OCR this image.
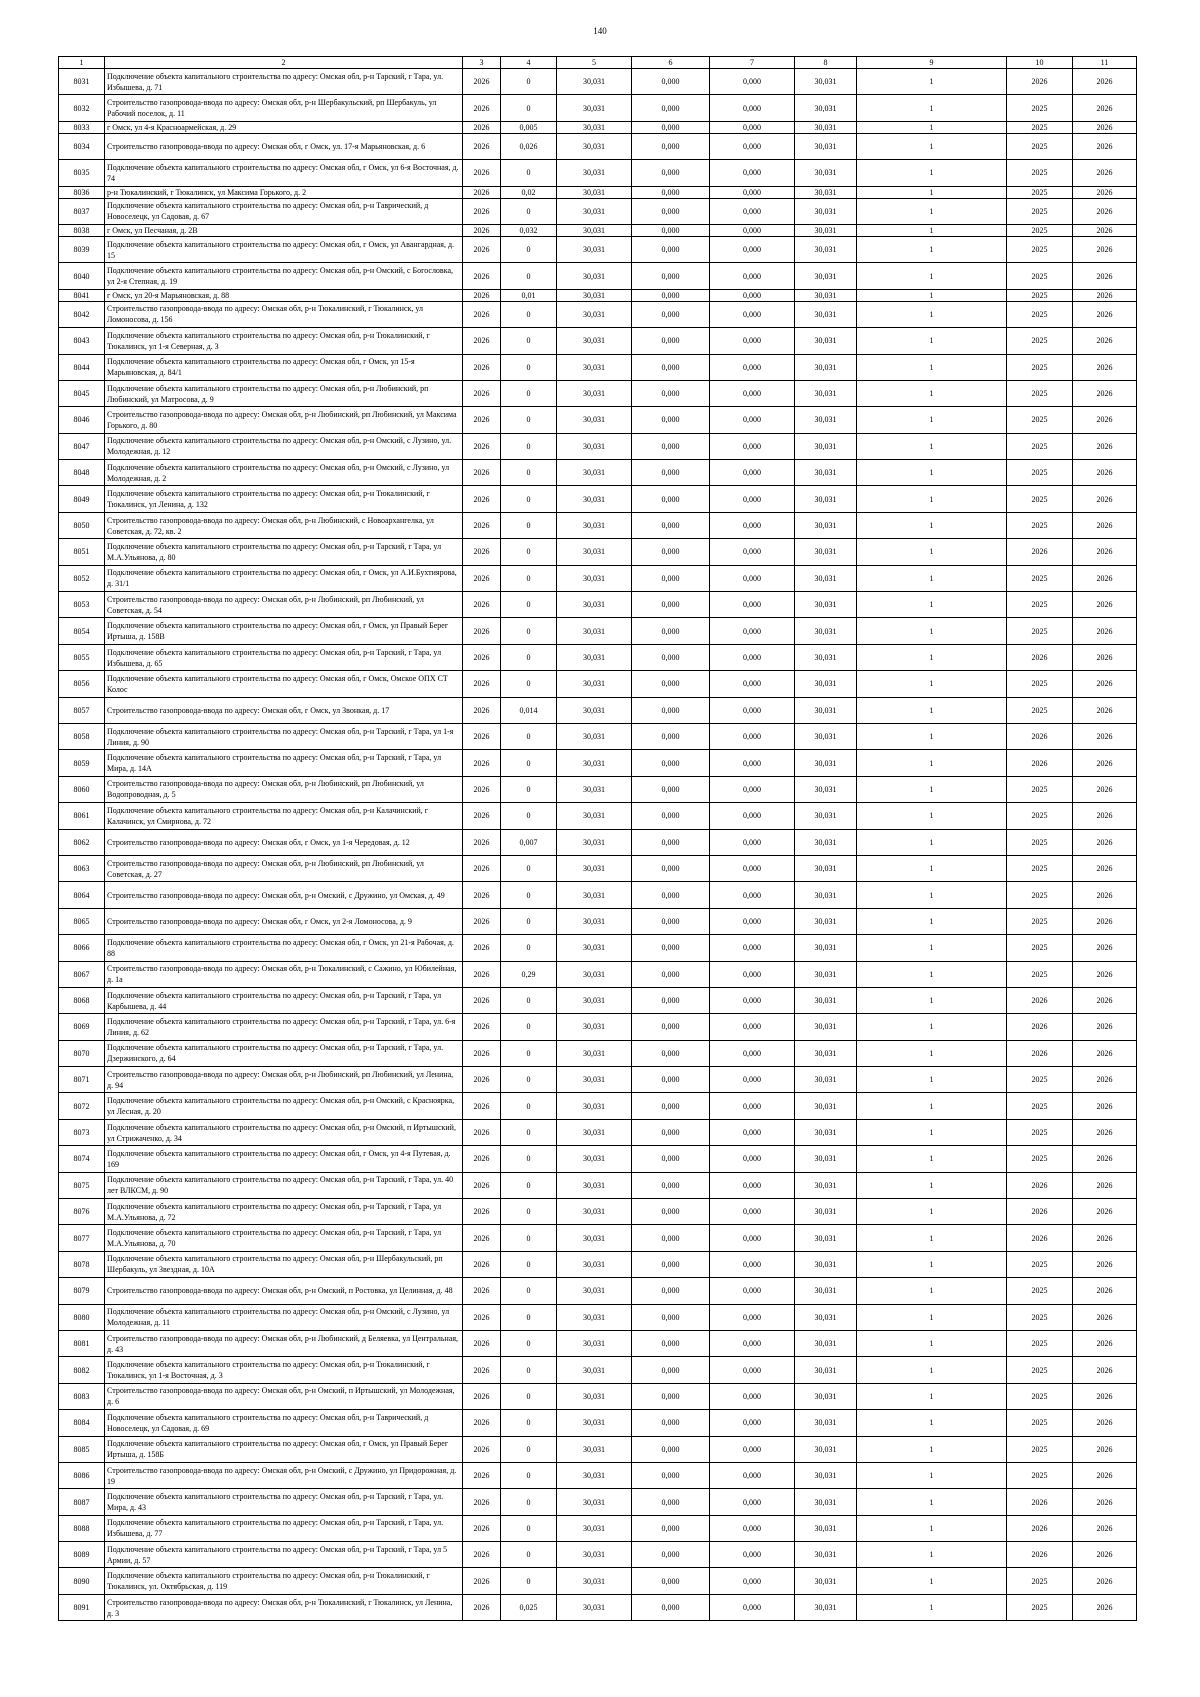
140
1	2	3	4	5	6	7	8	9	10	11
8031	Подключение объекта капитального строительства по адресу: Омская обл, р-н Тарский, г Тара, ул. Избышева, д. 71	2026	0	30,031	0,000	0,000	30,031	1	2026	2026
8032	Строительство газопровода-ввода по адресу: Омская обл, р-н Шербакульский, рп Шербакуль, ул Рабочий поселок, д. 11	2026	0	30,031	0,000	0,000	30,031	1	2025	2026
8033	г Омск, ул 4-я Красноармейская, д. 29	2026	0,005	30,031	0,000	0,000	30,031	1	2025	2026
8034	Строительство газопровода-ввода по адресу: Омская обл, г Омск, ул. 17-я Марьяновская, д. 6	2026	0,026	30,031	0,000	0,000	30,031	1	2025	2026
8035	Подключение объекта капитального строительства по адресу: Омская обл, г Омск, ул 6-я Восточная, д. 74	2026	0	30,031	0,000	0,000	30,031	1	2025	2026
8036	р-н Тюкалинский, г Тюкалинск, ул Максима Горького, д. 2	2026	0,02	30,031	0,000	0,000	30,031	1	2025	2026
8037	Подключение объекта капитального строительства по адресу: Омская обл, р-н Таврический, д Новоселецк, ул Садовая, д. 67	2026	0	30,031	0,000	0,000	30,031	1	2025	2026
8038	г Омск, ул Песчаная, д. 2В	2026	0,032	30,031	0,000	0,000	30,031	1	2025	2026
8039	Подключение объекта капитального строительства по адресу: Омская обл, г Омск, ул Авангардная, д. 15	2026	0	30,031	0,000	0,000	30,031	1	2025	2026
8040	Подключение объекта капитального строительства по адресу: Омская обл, р-н Омский, с Богословка, ул 2-я Степная, д. 19	2026	0	30,031	0,000	0,000	30,031	1	2025	2026
8041	г Омск, ул 20-я Марьяновская, д. 88	2026	0,01	30,031	0,000	0,000	30,031	1	2025	2026
8042	Строительство газопровода-ввода по адресу: Омская обл, р-н Тюкалинский, г Тюкалинск, ул Ломоносова, д. 156	2026	0	30,031	0,000	0,000	30,031	1	2025	2026
8043	Подключение объекта капитального строительства по адресу: Омская обл, р-н Тюкалинский, г Тюкалинск, ул 1-я Северная, д. 3	2026	0	30,031	0,000	0,000	30,031	1	2025	2026
8044	Подключение объекта капитального строительства по адресу: Омская обл, г Омск, ул 15-я Марьяновская, д. 84/1	2026	0	30,031	0,000	0,000	30,031	1	2025	2026
8045	Подключение объекта капитального строительства по адресу: Омская обл, р-н Любинский, рп Любинский, ул Матросова, д. 9	2026	0	30,031	0,000	0,000	30,031	1	2025	2026
8046	Строительство газопровода-ввода по адресу: Омская обл, р-н Любинский, рп Любинский, ул Максима Горького, д. 80	2026	0	30,031	0,000	0,000	30,031	1	2025	2026
8047	Подключение объекта капитального строительства по адресу: Омская обл, р-н Омский, с Лузино, ул. Молодежная, д. 12	2026	0	30,031	0,000	0,000	30,031	1	2025	2026
8048	Подключение объекта капитального строительства по адресу: Омская обл, р-н Омский, с Лузино, ул Молодежная, д. 2	2026	0	30,031	0,000	0,000	30,031	1	2025	2026
8049	Подключение объекта капитального строительства по адресу: Омская обл, р-н Тюкалинский, г Тюкалинск, ул Ленина, д. 132	2026	0	30,031	0,000	0,000	30,031	1	2025	2026
8050	Строительство газопровода-ввода по адресу: Омская обл, р-н Любинский, с Новоархангелка, ул Советская, д. 72, кв. 2	2026	0	30,031	0,000	0,000	30,031	1	2025	2026
8051	Подключение объекта капитального строительства по адресу: Омская обл, р-н Тарский, г Тара, ул М.А.Ульянова, д. 80	2026	0	30,031	0,000	0,000	30,031	1	2026	2026
8052	Подключение объекта капитального строительства по адресу: Омская обл, г Омск, ул А.И.Бухтиярова, д. 31/1	2026	0	30,031	0,000	0,000	30,031	1	2025	2026
8053	Строительство газопровода-ввода по адресу: Омская обл, р-н Любинский, рп Любинский, ул Советская, д. 54	2026	0	30,031	0,000	0,000	30,031	1	2025	2026
8054	Подключение объекта капитального строительства по адресу: Омская обл, г Омск, ул Правый Берег Иртыша, д. 158В	2026	0	30,031	0,000	0,000	30,031	1	2025	2026
8055	Подключение объекта капитального строительства по адресу: Омская обл, р-н Тарский, г Тара, ул Избышева, д. 65	2026	0	30,031	0,000	0,000	30,031	1	2026	2026
8056	Подключение объекта капитального строительства по адресу: Омская обл, г Омск, Омское ОПХ СТ Колос	2026	0	30,031	0,000	0,000	30,031	1	2025	2026
8057	Строительство газопровода-ввода по адресу: Омская обл, г Омск, ул Звонкая, д. 17	2026	0,014	30,031	0,000	0,000	30,031	1	2025	2026
8058	Подключение объекта капитального строительства по адресу: Омская обл, р-н Тарский, г Тара, ул 1-я Линия, д. 90	2026	0	30,031	0,000	0,000	30,031	1	2026	2026
8059	Подключение объекта капитального строительства по адресу: Омская обл, р-н Тарский, г Тара, ул Мира, д. 14А	2026	0	30,031	0,000	0,000	30,031	1	2026	2026
8060	Строительство газопровода-ввода по адресу: Омская обл, р-н Любинский, рп Любинский, ул Водопроводная, д. 5	2026	0	30,031	0,000	0,000	30,031	1	2025	2026
8061	Подключение объекта капитального строительства по адресу: Омская обл, р-н Калачинский, г Калачинск, ул Смирнова, д. 72	2026	0	30,031	0,000	0,000	30,031	1	2025	2026
8062	Строительство газопровода-ввода по адресу: Омская обл, г Омск, ул 1-я Чередовая, д. 12	2026	0,007	30,031	0,000	0,000	30,031	1	2025	2026
8063	Строительство газопровода-ввода по адресу: Омская обл, р-н Любинский, рп Любинский, ул Советская, д. 27	2026	0	30,031	0,000	0,000	30,031	1	2025	2026
8064	Строительство газопровода-ввода по адресу: Омская обл, р-н Омский, с Дружино, ул Омская, д. 49	2026	0	30,031	0,000	0,000	30,031	1	2025	2026
8065	Строительство газопровода-ввода по адресу: Омская обл, г Омск, ул 2-я Ломоносова, д. 9	2026	0	30,031	0,000	0,000	30,031	1	2025	2026
8066	Подключение объекта капитального строительства по адресу: Омская обл, г Омск, ул 21-я Рабочая, д. 88	2026	0	30,031	0,000	0,000	30,031	1	2025	2026
8067	Строительство газопровода-ввода по адресу: Омская обл, р-н Тюкалинский, с Сажино, ул Юбилейная, д. 1а	2026	0,29	30,031	0,000	0,000	30,031	1	2025	2026
8068	Подключение объекта капитального строительства по адресу: Омская обл, р-н Тарский, г Тара, ул Карбышева, д. 44	2026	0	30,031	0,000	0,000	30,031	1	2026	2026
8069	Подключение объекта капитального строительства по адресу: Омская обл, р-н Тарский, г Тара, ул. 6-я Линия, д. 62	2026	0	30,031	0,000	0,000	30,031	1	2026	2026
8070	Подключение объекта капитального строительства по адресу: Омская обл, р-н Тарский, г Тара, ул. Дзержинского, д. 64	2026	0	30,031	0,000	0,000	30,031	1	2026	2026
8071	Строительство газопровода-ввода по адресу: Омская обл, р-н Любинский, рп Любинский, ул Ленина, д. 94	2026	0	30,031	0,000	0,000	30,031	1	2025	2026
8072	Подключение объекта капитального строительства по адресу: Омская обл, р-н Омский, с Красноярка, ул Лесная, д. 20	2026	0	30,031	0,000	0,000	30,031	1	2025	2026
8073	Подключение объекта капитального строительства по адресу: Омская обл, р-н Омский, п Иртышский, ул Стрижаченко, д. 34	2026	0	30,031	0,000	0,000	30,031	1	2025	2026
8074	Подключение объекта капитального строительства по адресу: Омская обл, г Омск, ул 4-я Путевая, д. 169	2026	0	30,031	0,000	0,000	30,031	1	2025	2026
8075	Подключение объекта капитального строительства по адресу: Омская обл, р-н Тарский, г Тара, ул. 40 лет ВЛКСМ, д. 90	2026	0	30,031	0,000	0,000	30,031	1	2026	2026
8076	Подключение объекта капитального строительства по адресу: Омская обл, р-н Тарский, г Тара, ул М.А.Ульянова, д. 72	2026	0	30,031	0,000	0,000	30,031	1	2026	2026
8077	Подключение объекта капитального строительства по адресу: Омская обл, р-н Тарский, г Тара, ул М.А.Ульянова, д. 70	2026	0	30,031	0,000	0,000	30,031	1	2026	2026
8078	Подключение объекта капитального строительства по адресу: Омская обл, р-н Шербакульский, рп Шербакуль, ул Звездная, д. 10А	2026	0	30,031	0,000	0,000	30,031	1	2025	2026
8079	Строительство газопровода-ввода по адресу: Омская обл, р-н Омский, п Ростовка, ул Целинная, д. 48	2026	0	30,031	0,000	0,000	30,031	1	2025	2026
8080	Подключение объекта капитального строительства по адресу: Омская обл, р-н Омский, с Лузино, ул Молодежная, д. 11	2026	0	30,031	0,000	0,000	30,031	1	2025	2026
8081	Строительство газопровода-ввода по адресу: Омская обл, р-н Любинский, д Беляевка, ул Центральная, д. 43	2026	0	30,031	0,000	0,000	30,031	1	2025	2026
8082	Подключение объекта капитального строительства по адресу: Омская обл, р-н Тюкалинский, г Тюкалинск, ул 1-я Восточная, д. 3	2026	0	30,031	0,000	0,000	30,031	1	2025	2026
8083	Строительство газопровода-ввода по адресу: Омская обл, р-н Омский, п Иртышский, ул Молодежная, д. 6	2026	0	30,031	0,000	0,000	30,031	1	2025	2026
8084	Подключение объекта капитального строительства по адресу: Омская обл, р-н Таврический, д Новоселецк, ул Садовая, д. 69	2026	0	30,031	0,000	0,000	30,031	1	2025	2026
8085	Подключение объекта капитального строительства по адресу: Омская обл, г Омск, ул Правый Берег Иртыша, д. 158Б	2026	0	30,031	0,000	0,000	30,031	1	2025	2026
8086	Строительство газопровода-ввода по адресу: Омская обл, р-н Омский, с Дружино, ул Придорожная, д. 19	2026	0	30,031	0,000	0,000	30,031	1	2025	2026
8087	Подключение объекта капитального строительства по адресу: Омская обл, р-н Тарский, г Тара, ул. Мира, д. 43	2026	0	30,031	0,000	0,000	30,031	1	2026	2026
8088	Подключение объекта капитального строительства по адресу: Омская обл, р-н Тарский, г Тара, ул. Избышева, д. 77	2026	0	30,031	0,000	0,000	30,031	1	2026	2026
8089	Подключение объекта капитального строительства по адресу: Омская обл, р-н Тарский, г Тара, ул 5 Армии, д. 57	2026	0	30,031	0,000	0,000	30,031	1	2026	2026
8090	Подключение объекта капитального строительства по адресу: Омская обл, р-н Тюкалинский, г Тюкалинск, ул. Октябрьская, д. 119	2026	0	30,031	0,000	0,000	30,031	1	2025	2026
8091	Строительство газопровода-ввода по адресу: Омская обл, р-н Тюкалинский, г Тюкалинск, ул Ленина, д. 3	2026	0,025	30,031	0,000	0,000	30,031	1	2025	2026
